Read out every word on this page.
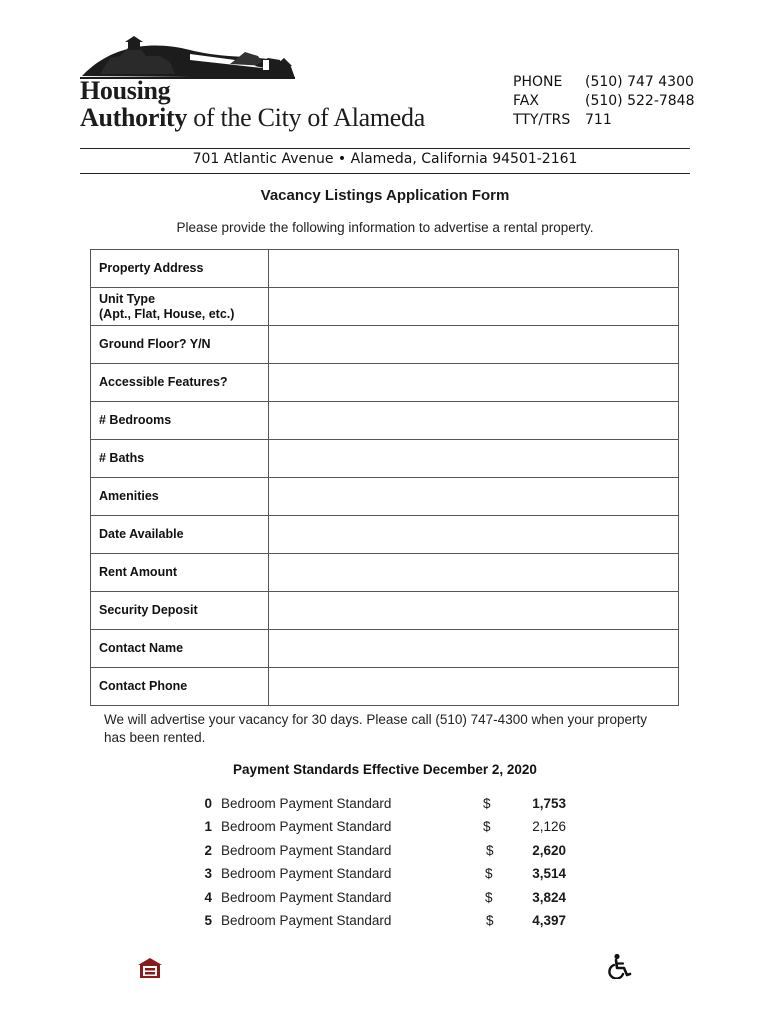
Housing
Authority of the City of Alameda
PHONE (510) 747 4300
FAX	(510) 522-7848
TTY/TRS 711
701 Atlantic Avenue • Alameda, California 94501-2161
Vacancy Listings Application Form
Please provide the following information to advertise a rental property.
Property Address	
Unit Type
(Apt., Flat, House, etc.)	
Ground Floor? Y/N	
Accessible Features?	
# Bedrooms	
# Baths	
Amenities	
Date Available	
Rent Amount	
Security Deposit	
Contact Name	
Contact Phone	
We will advertise your vacancy for 30 days. Please call (510) 747-4300 when your property has been rented.
Payment Standards Effective December 2, 2020
0 Bedroom Payment Standard	$	1,753
1 Bedroom Payment Standard	$	2,126
2 Bedroom Payment Standard	$	2,620
3 Bedroom Payment Standard	$	3,514
4 Bedroom Payment Standard	$	3,824
5 Bedroom Payment Standard	$	4,397
